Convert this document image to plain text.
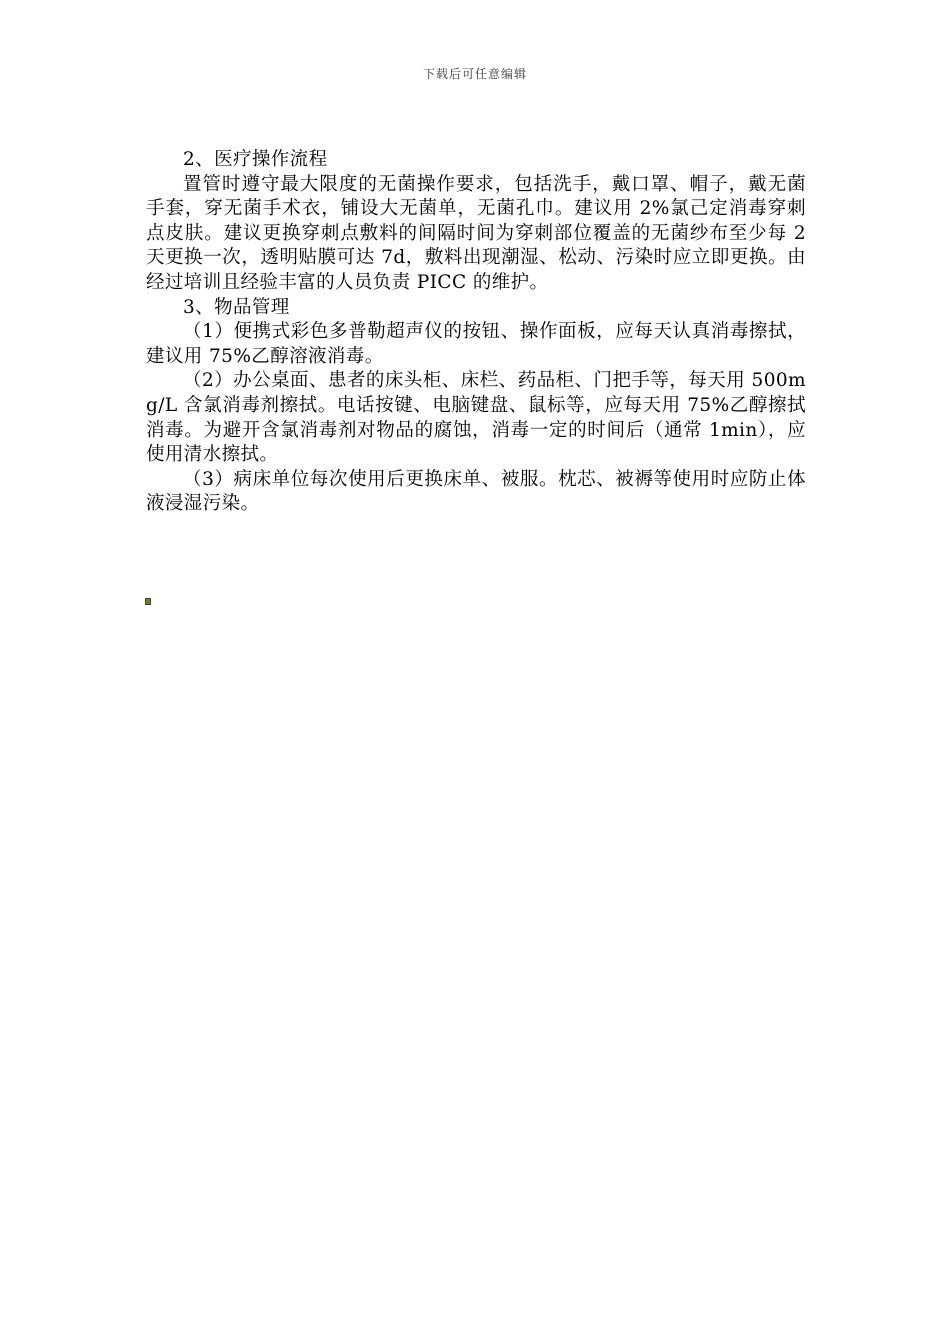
下载后可任意编辑

2、医疗操作流程

置管时遵守最大限度的无菌操作要求，包括洗手，戴口罩、帽子，戴无菌手套，穿无菌手术衣，铺设大无菌单，无菌孔巾。建议用 2%氯己定消毒穿刺点皮肤。建议更换穿刺点敷料的间隔时间为穿刺部位覆盖的无菌纱布至少每 2 天更换一次，透明贴膜可达 7d，敷料出现潮湿、松动、污染时应立即更换。由经过培训且经验丰富的人员负责 PICC 的维护。

3、物品管理

（1）便携式彩色多普勒超声仪的按钮、操作面板，应每天认真消毒擦拭，建议用 75%乙醇溶液消毒。

（2）办公桌面、患者的床头柜、床栏、药品柜、门把手等，每天用 500mg/L 含氯消毒剂擦拭。电话按键、电脑键盘、鼠标等，应每天用 75%乙醇擦拭消毒。为避开含氯消毒剂对物品的腐蚀，消毒一定的时间后（通常 1min），应使用清水擦拭。

（3）病床单位每次使用后更换床单、被服。枕芯、被褥等使用时应防止体液浸湿污染。
